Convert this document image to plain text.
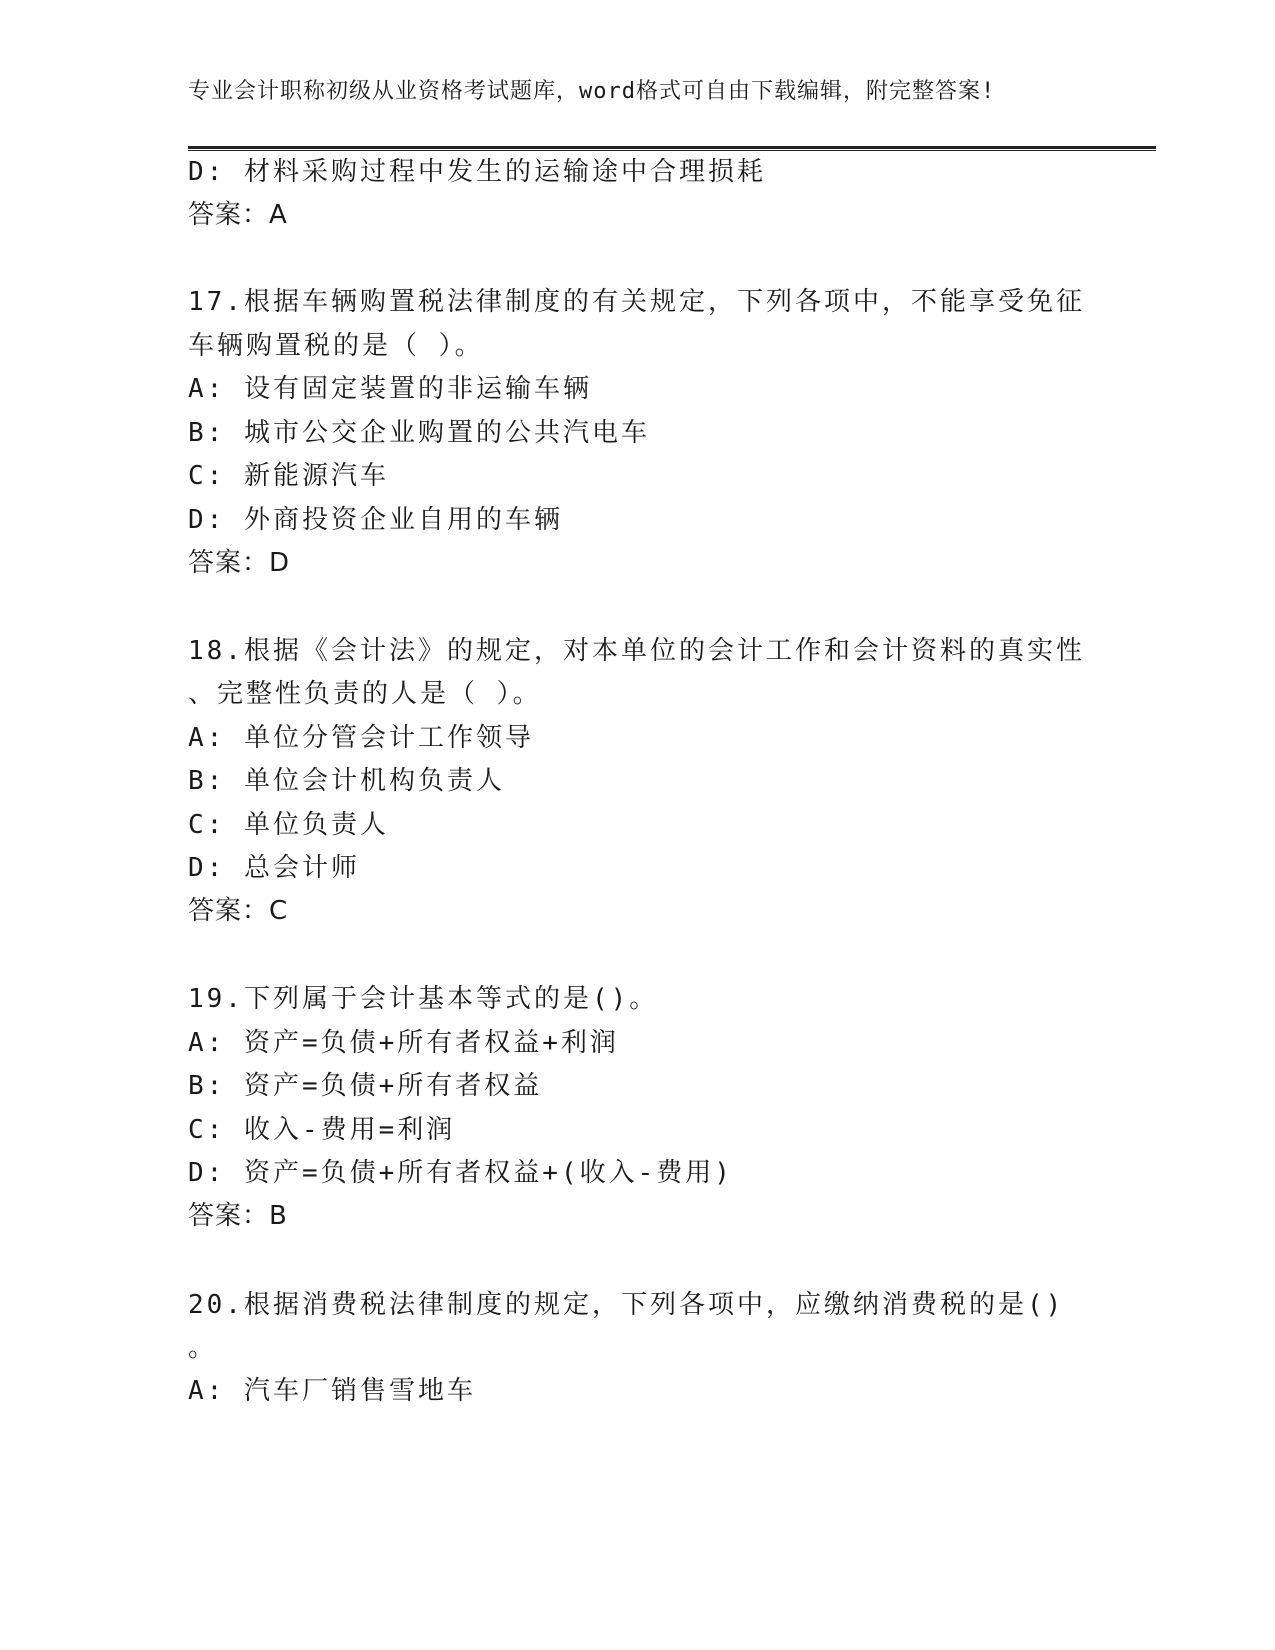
专业会计职称初级从业资格考试题库，word格式可自由下载编辑，附完整答案!
D: 材料采购过程中发生的运输途中合理损耗
答案：A
17.根据车辆购置税法律制度的有关规定，下列各项中，不能享受免征
车辆购置税的是（ ）。
A: 设有固定装置的非运输车辆
B: 城市公交企业购置的公共汽电车
C: 新能源汽车
D: 外商投资企业自用的车辆
答案：D
18.根据《会计法》的规定，对本单位的会计工作和会计资料的真实性
、完整性负责的人是（ ）。
A: 单位分管会计工作领导
B: 单位会计机构负责人
C: 单位负责人
D: 总会计师
答案：C
19.下列属于会计基本等式的是()。
A: 资产=负债+所有者权益+利润
B: 资产=负债+所有者权益
C: 收入-费用=利润
D: 资产=负债+所有者权益+(收入-费用)
答案：B
20.根据消费税法律制度的规定，下列各项中，应缴纳消费税的是()
。
A: 汽车厂销售雪地车
